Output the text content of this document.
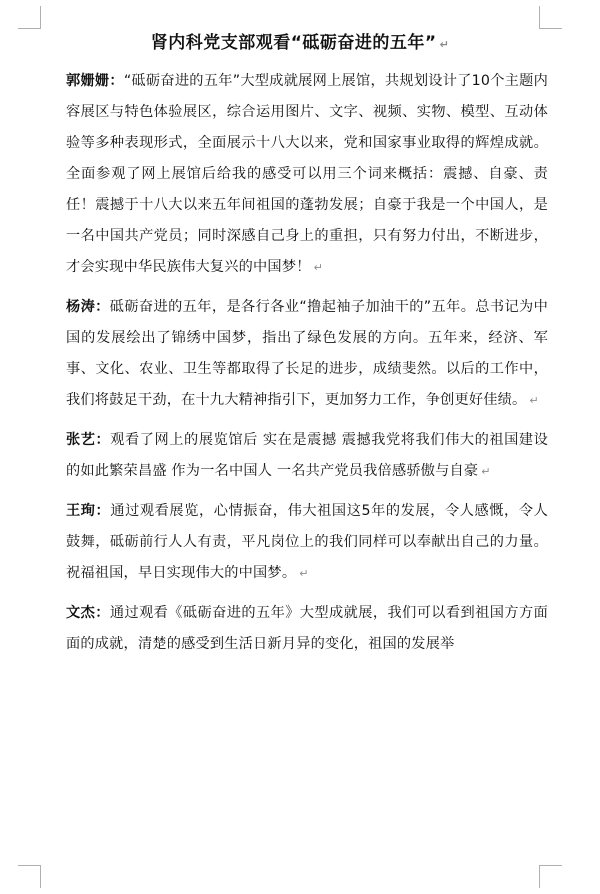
肾内科党支部观看“砥砺奋进的五年” ↵

郭姗姗：“砥砺奋进的五年”大型成就展网上展馆，共规划设计了10个主题内容展区与特色体验展区，综合运用图片、文字、视频、实物、模型、互动体验等多种表现形式，全面展示十八大以来，党和国家事业取得的辉煌成就。全面参观了网上展馆后给我的感受可以用三个词来概括：震撼、自豪、责任！震撼于十八大以来五年间祖国的蓬勃发展；自豪于我是一个中国人，是一名中国共产党员；同时深感自己身上的重担，只有努力付出，不断进步，才会实现中华民族伟大复兴的中国梦！ ↵

杨涛：砥砺奋进的五年，是各行各业“撸起袖子加油干的”五年。总书记为中国的发展绘出了锦绣中国梦，指出了绿色发展的方向。五年来，经济、军事、文化、农业、卫生等都取得了长足的进步，成绩斐然。以后的工作中，我们将鼓足干劲，在十九大精神指引下，更加努力工作，争创更好佳绩。 ↵

张艺：观看了网上的展览馆后 实在是震撼 震撼我党将我们伟大的祖国建设的如此繁荣昌盛 作为一名中国人 一名共产党员我倍感骄傲与自豪 ↵

王珣：通过观看展览，心情振奋，伟大祖国这5年的发展，令人感慨，令人鼓舞，砥砺前行人人有责，平凡岗位上的我们同样可以奉献出自己的力量。祝福祖国，早日实现伟大的中国梦。 ↵

文杰：通过观看《砥砺奋进的五年》大型成就展，我们可以看到祖国方方面面的成就，清楚的感受到生活日新月异的变化，祖国的发展举
